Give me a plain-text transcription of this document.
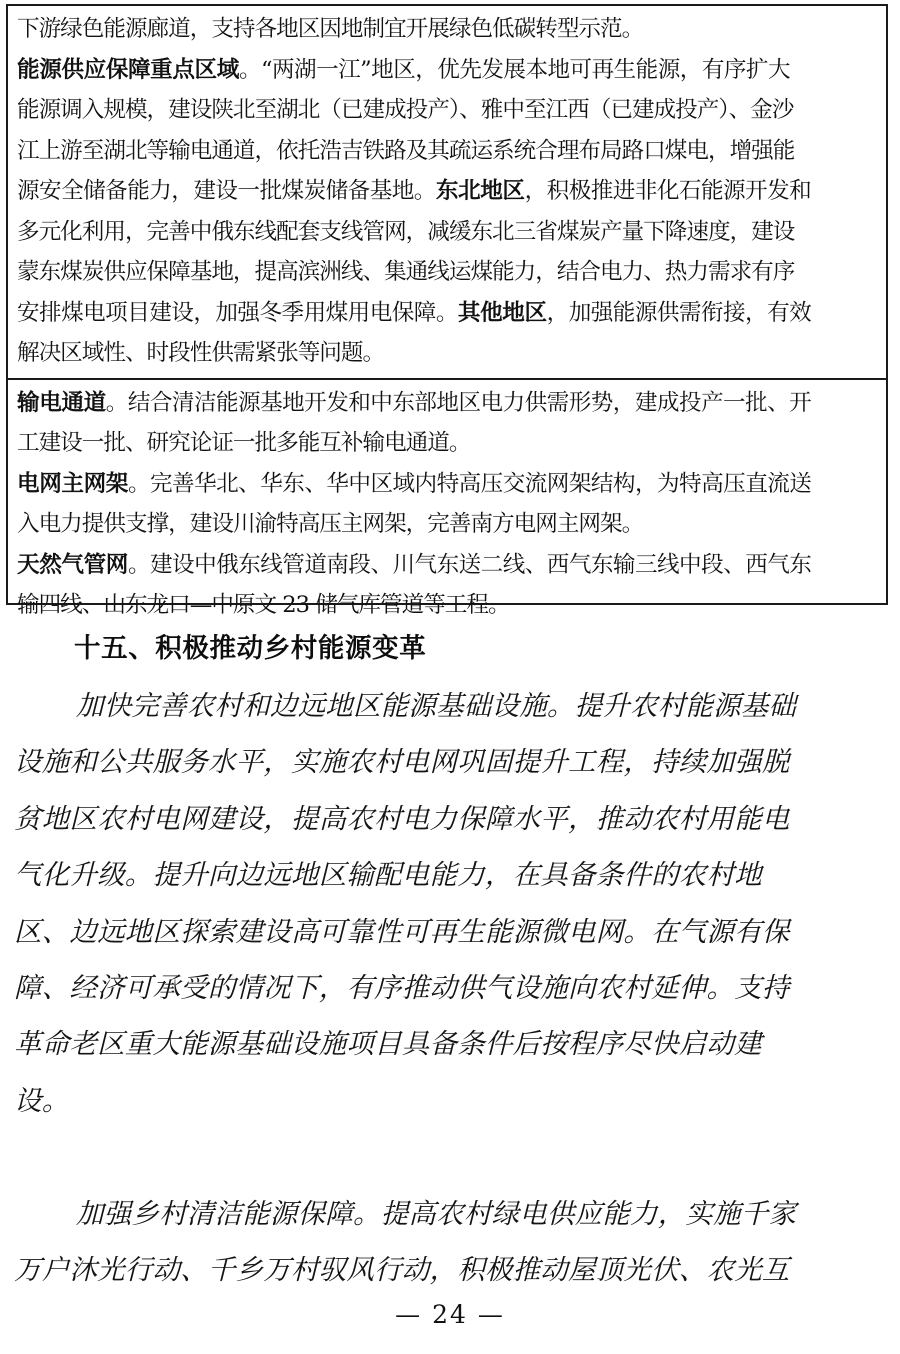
下游绿色能源廊道，支持各地区因地制宜开展绿色低碳转型示范。
能源供应保障重点区域。“两湖一江”地区，优先发展本地可再生能源，有序扩大
能源调入规模，建设陕北至湖北（已建成投产）、雅中至江西（已建成投产）、金沙
江上游至湖北等输电通道，依托浩吉铁路及其疏运系统合理布局路口煤电，增强能
源安全储备能力，建设一批煤炭储备基地。东北地区，积极推进非化石能源开发和
多元化利用，完善中俄东线配套支线管网，减缓东北三省煤炭产量下降速度，建设
蒙东煤炭供应保障基地，提高滨洲线、集通线运煤能力，结合电力、热力需求有序
安排煤电项目建设，加强冬季用煤用电保障。其他地区，加强能源供需衔接，有效
解决区域性、时段性供需紧张等问题。
输电通道。结合清洁能源基地开发和中东部地区电力供需形势，建成投产一批、开
工建设一批、研究论证一批多能互补输电通道。
电网主网架。完善华北、华东、华中区域内特高压交流网架结构，为特高压直流送
入电力提供支撑，建设川渝特高压主网架，完善南方电网主网架。
天然气管网。建设中俄东线管道南段、川气东送二线、西气东输三线中段、西气东
输四线、山东龙口—中原文 23 储气库管道等工程。
十五、积极推动乡村能源变革
加快完善农村和边远地区能源基础设施。提升农村能源基础
设施和公共服务水平，实施农村电网巩固提升工程，持续加强脱
贫地区农村电网建设，提高农村电力保障水平，推动农村用能电
气化升级。提升向边远地区输配电能力，在具备条件的农村地
区、边远地区探索建设高可靠性可再生能源微电网。在气源有保
障、经济可承受的情况下，有序推动供气设施向农村延伸。支持
革命老区重大能源基础设施项目具备条件后按程序尽快启动建
设。
加强乡村清洁能源保障。提高农村绿电供应能力，实施千家
万户沐光行动、千乡万村驭风行动，积极推动屋顶光伏、农光互
— 24 —
